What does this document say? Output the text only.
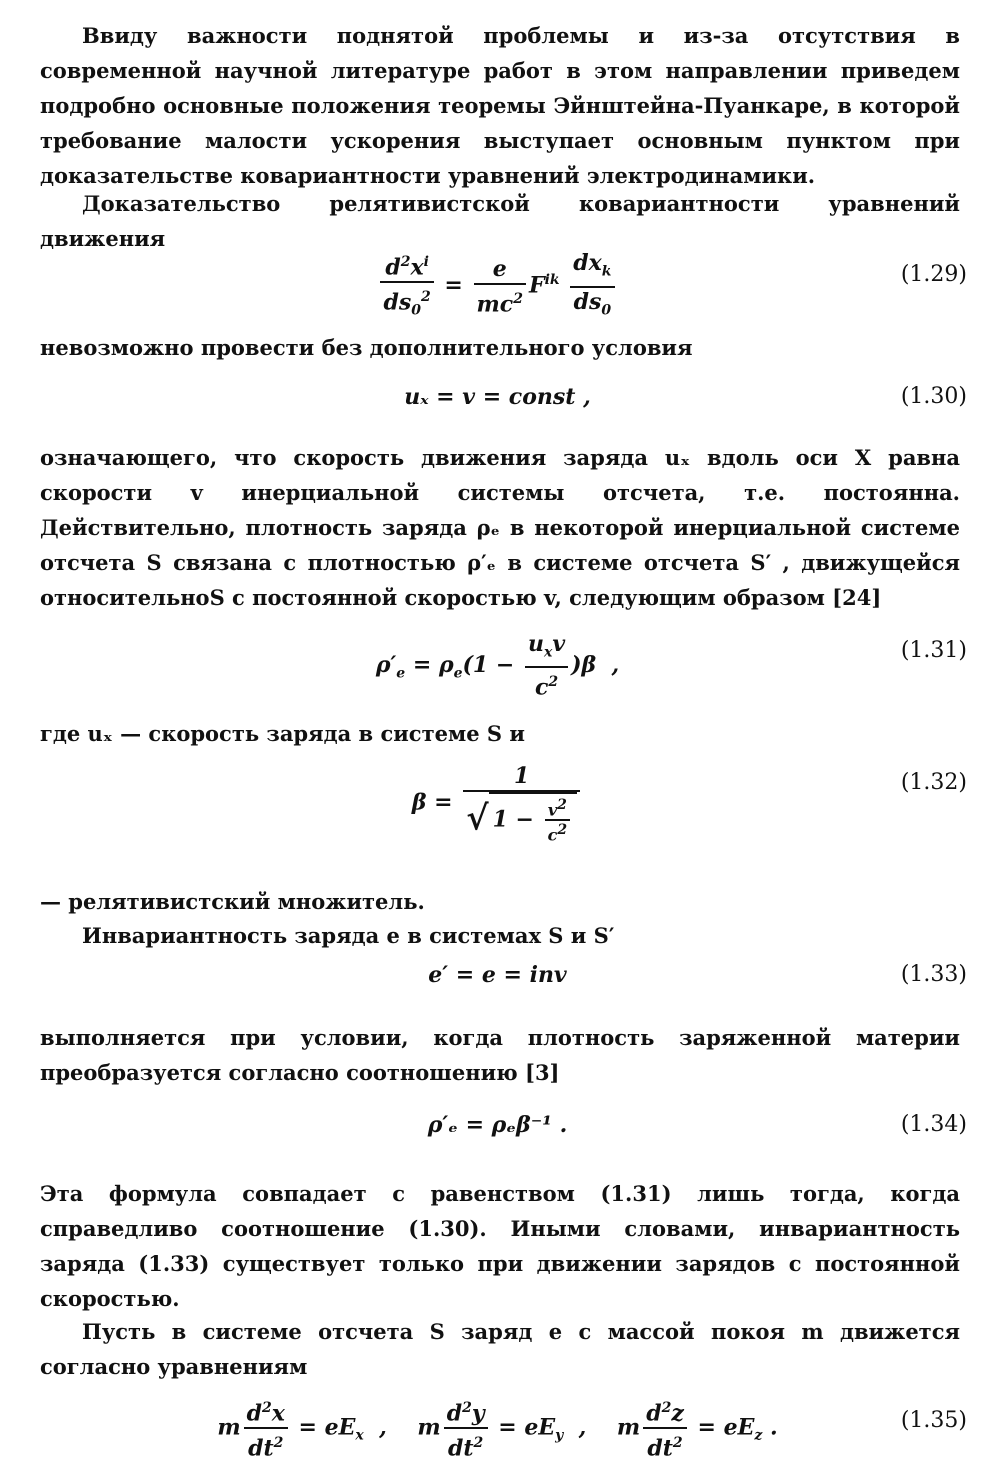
Ввиду важности поднятой проблемы и из-за отсутствия в современной научной литературе работ в этом направлении приведем подробно основные положения теоремы Эйнштейна-Пуанкаре, в которой требование малости ускорения выступает основным пунктом при доказательстве ковариантности уравнений электродинамики.

Доказательство релятивистской ковариантности уравнений движения

$\frac{d^2x^i}{ds_0^2} = \frac{e}{mc^2} F^{ik} \frac{dx_k}{ds_0}$	(1.29)

невозможно провести без дополнительного условия

uₓ = v = const ,	(1.30)

означающего, что скорость движения заряда uₓ вдоль оси X равна скорости v инерциальной системы отсчета, т.е. постоянна. Действительно, плотность заряда ρₑ в некоторой инерциальной системе отсчета S связана с плотностью ρ′ₑ в системе отсчета S′ , движущейся относительноS с постоянной скоростью v, следующим образом [24]

$\rho'_e = \rho_e(1 - \frac{u_xv}{c^2} )\beta$  ,
(1.31)

где uₓ — скорость заряда в системе S и

$\beta = \frac{1}{√ 1 - \frac{v^2}{c^2}}$	(1.32)

— релятивистский множитель.

Инвариантность заряда e в системах S и S′

e′ = e = inv	(1.33)

выполняется при условии, когда плотность заряженной материи преобразуется согласно соотношению [3]

ρ′ₑ = ρₑβ⁻¹ .	(1.34)

Эта формула совпадает с равенством (1.31) лишь тогда, когда справедливо соотношение (1.30). Иными словами, инвариантность заряда (1.33) существует только при движении зарядов с постоянной скоростью.

Пусть в системе отсчета S заряд e с массой покоя m движется согласно уравнениям

m $\frac{d^2x}{dt^2} = eE_x$  ,    m $\frac{d^2y}{dt^2} = eE_y$  ,    m $\frac{d^2z}{dt^2} = eE_z$ .	(1.35)
